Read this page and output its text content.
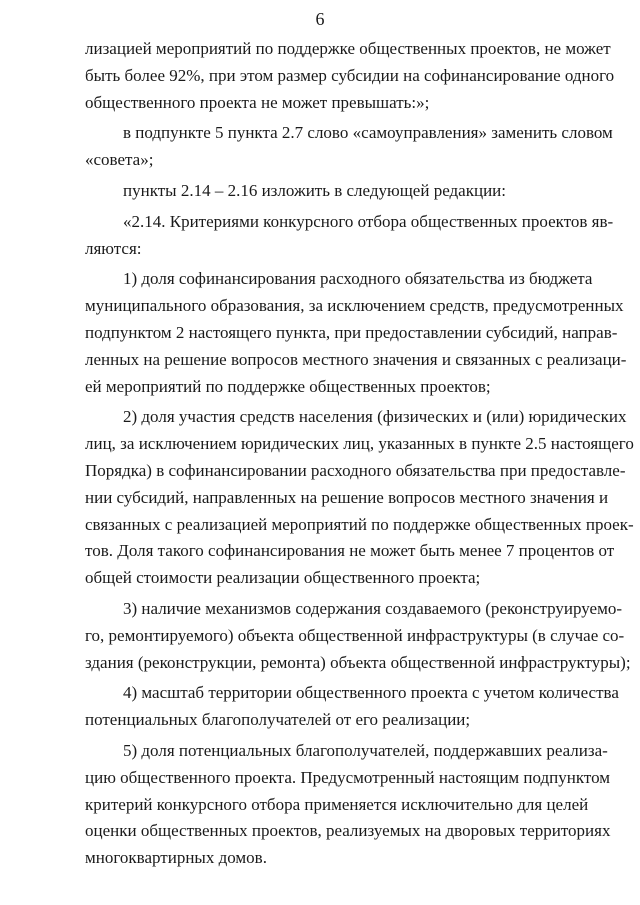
6
лизацией мероприятий по поддержке общественных проектов, не может
быть более 92%, при этом размер субсидии на софинансирование одного
общественного проекта не может превышать:»;
в подпункте 5 пункта 2.7 слово «самоуправления» заменить словом
«совета»;
пункты 2.14 – 2.16 изложить в следующей редакции:
«2.14. Критериями конкурсного отбора общественных проектов яв-
ляются:
1) доля софинансирования расходного обязательства из бюджета
муниципального образования, за исключением средств, предусмотренных
подпунктом 2 настоящего пункта, при предоставлении субсидий, направ-
ленных на решение вопросов местного значения и связанных с реализаци-
ей мероприятий по поддержке общественных проектов;
2) доля участия средств населения (физических и (или) юридических
лиц, за исключением юридических лиц, указанных в пункте 2.5 настоящего
Порядка) в софинансировании расходного обязательства при предоставле-
нии субсидий, направленных на решение вопросов местного значения и
связанных с реализацией мероприятий по поддержке общественных проек-
тов. Доля такого софинансирования не может быть менее 7 процентов от
общей стоимости реализации общественного проекта;
3) наличие механизмов содержания создаваемого (реконструируемо-
го, ремонтируемого) объекта общественной инфраструктуры (в случае со-
здания (реконструкции, ремонта) объекта общественной инфраструктуры);
4) масштаб территории общественного проекта с учетом количества
потенциальных благополучателей от его реализации;
5) доля потенциальных благополучателей, поддержавших реализа-
цию общественного проекта. Предусмотренный настоящим подпунктом
критерий конкурсного отбора применяется исключительно для целей
оценки общественных проектов, реализуемых на дворовых территориях
многоквартирных домов.
